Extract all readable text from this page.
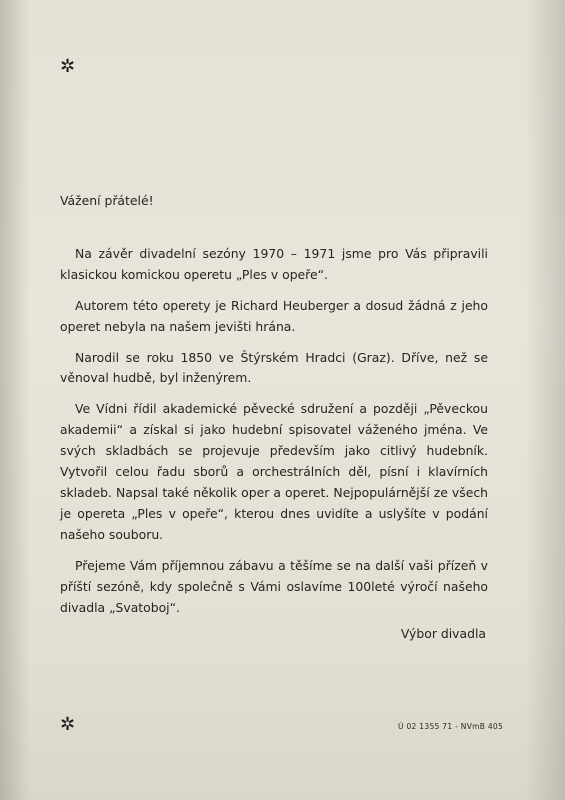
✲

Vážení přátelé!

Na závěr divadelní sezóny 1970 – 1971 jsme pro Vás připravili klasickou komickou operetu „Ples v opeře“.

Autorem této operety je Richard Heuberger a dosud žádná z jeho operet nebyla na našem jevišti hrána.

Narodil se roku 1850 ve Štýrském Hradci (Graz). Dříve, než se věnoval hudbě, byl inženýrem.

Ve Vídni řídil akademické pěvecké sdružení a později „Pěveckou akademii“ a získal si jako hudební spisovatel váženého jména. Ve svých skladbách se projevuje především jako citlivý hudebník. Vytvořil celou řadu sborů a orchestrálních děl, písní i klavírních skladeb. Napsal také několik oper a operet. Nejpopulárnější ze všech je opereta „Ples v opeře“, kterou dnes uvidíte a uslyšíte v podání našeho souboru.

Přejeme Vám příjemnou zábavu a těšíme se na další vaši přízeň v příští sezóně, kdy společně s Vámi oslavíme 100leté výročí našeho divadla „Svatoboj“.

Výbor divadla

✲	Ú 02 1355 71 - NVmB 405
